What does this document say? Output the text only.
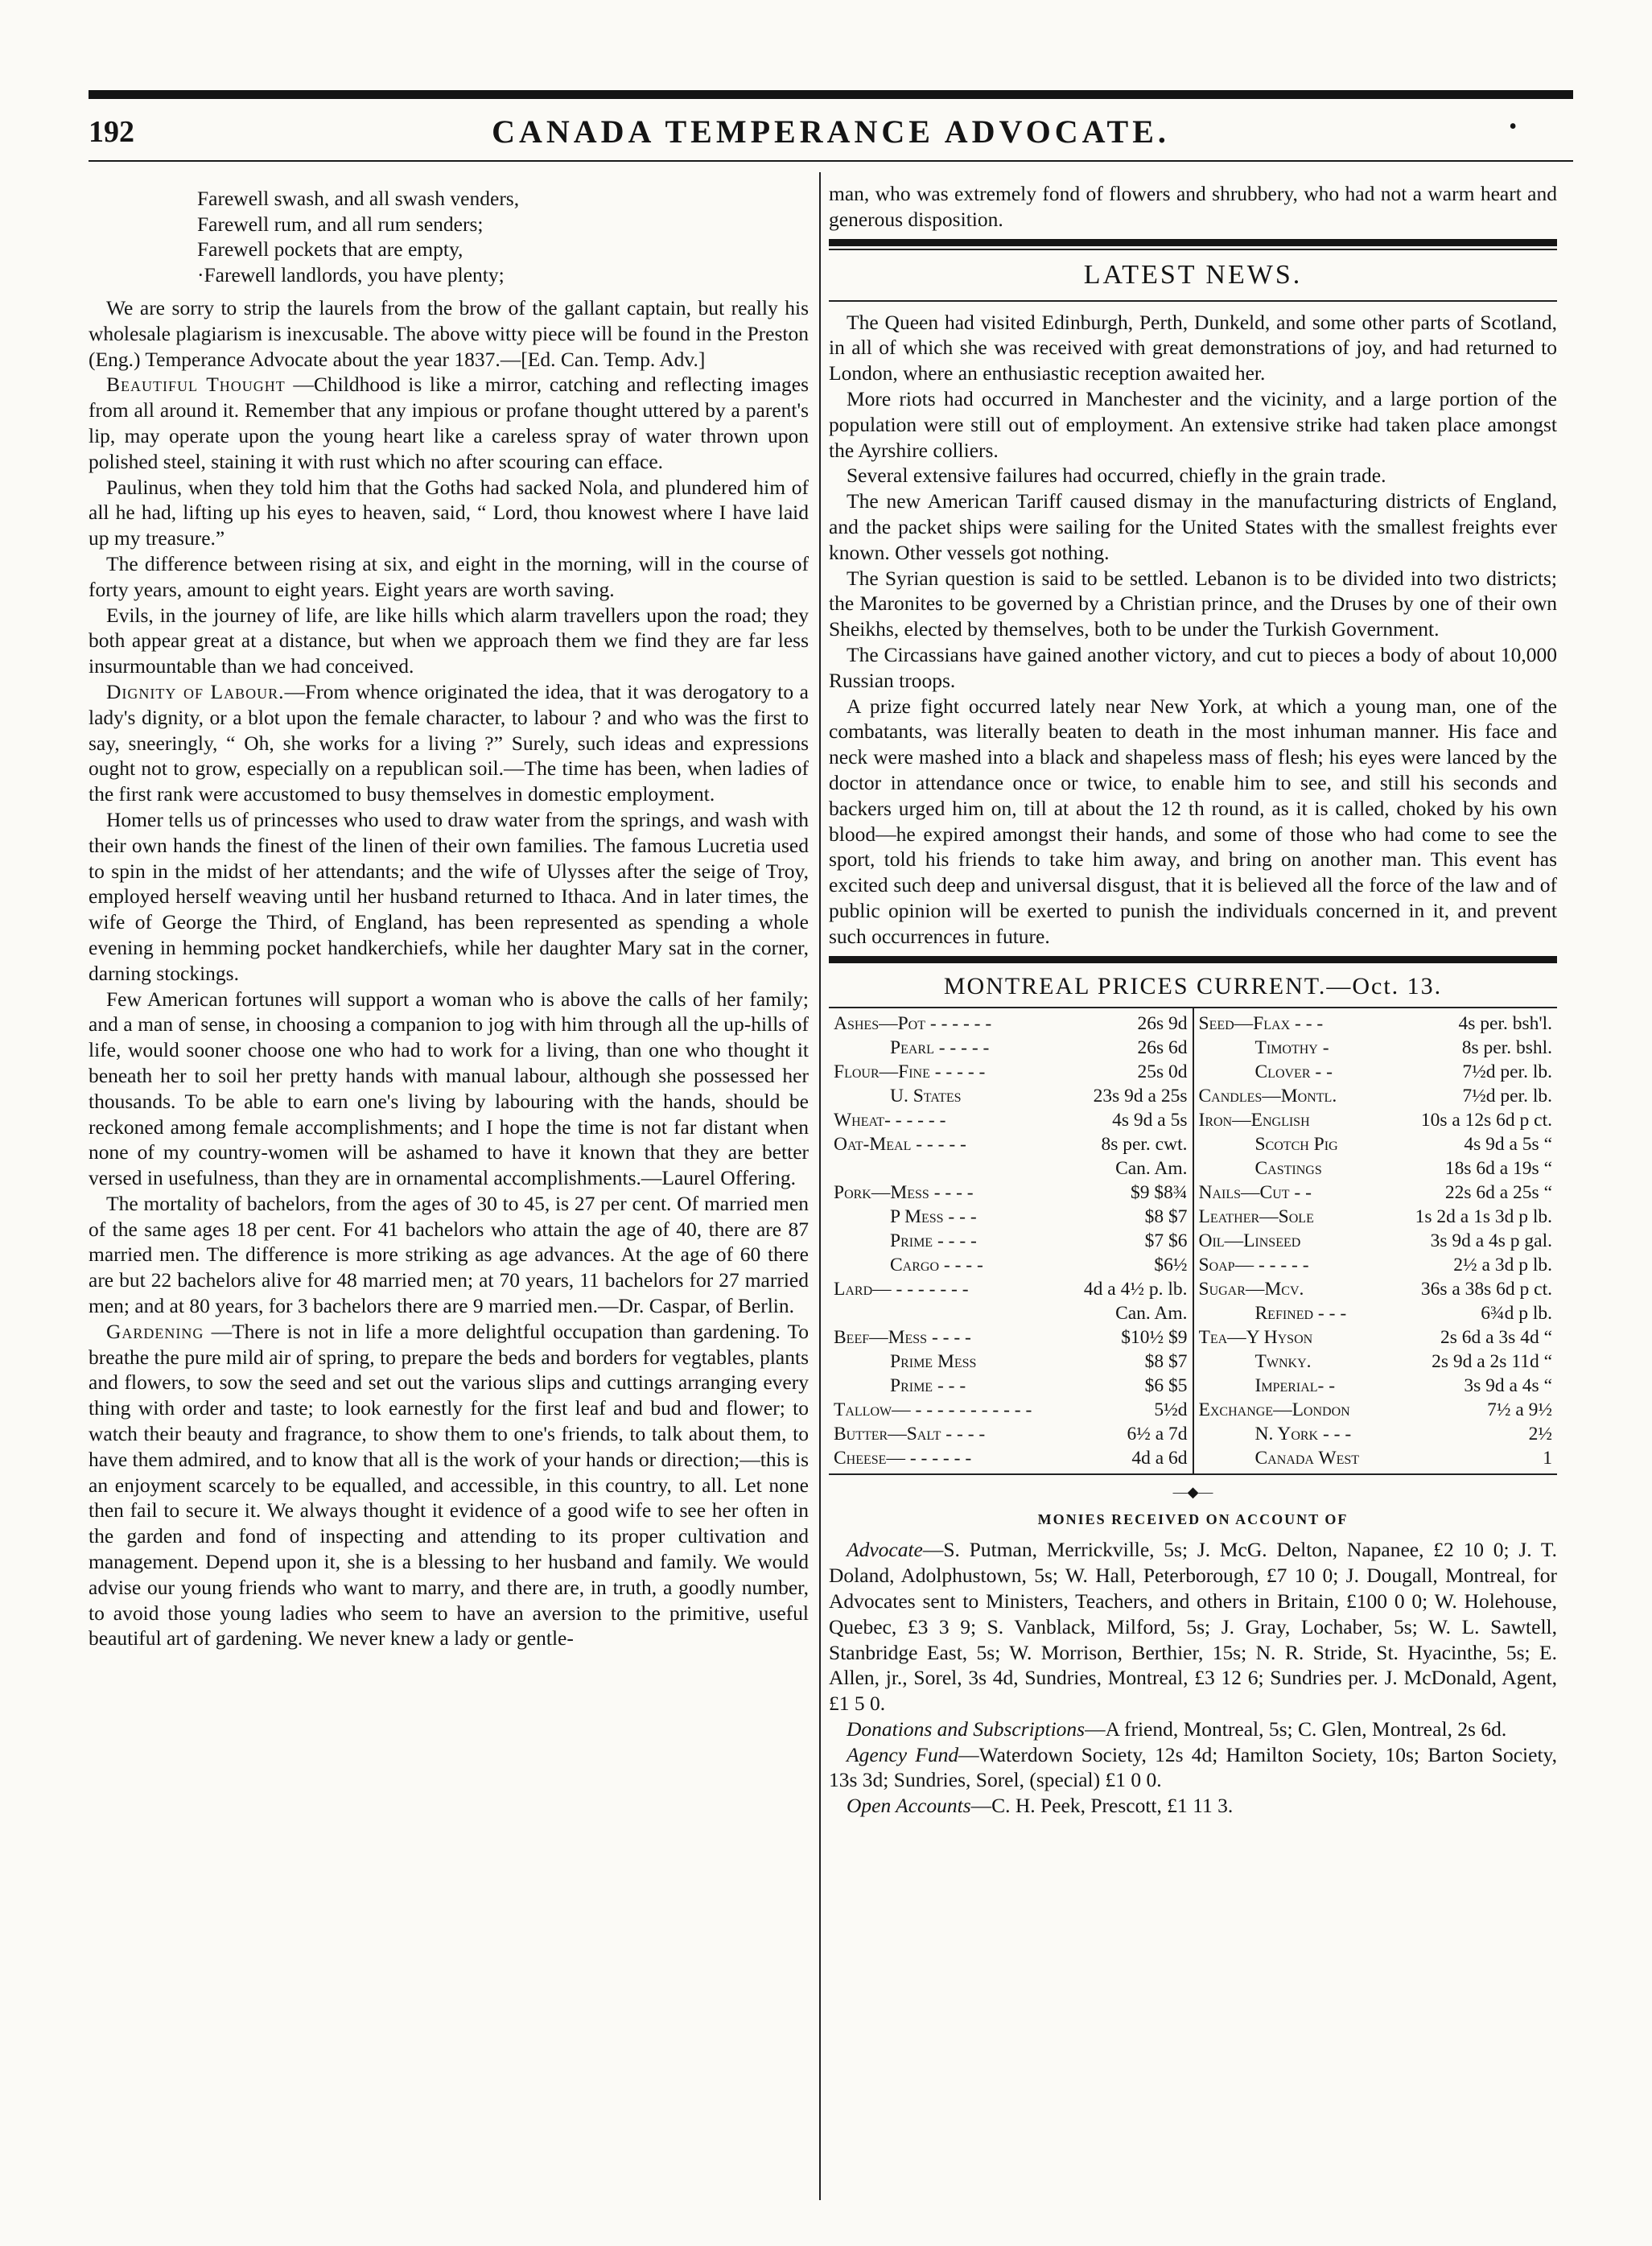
192	CANADA TEMPERANCE ADVOCATE.	•
Farewell swash, and all swash venders,
Farewell rum, and all rum senders;
Farewell pockets that are empty,
·Farewell landlords, you have plenty;

We are sorry to strip the laurels from the brow of the gallant captain, but really his wholesale plagiarism is inexcusable. The above witty piece will be found in the Preston (Eng.) Temperance Advocate about the year 1837.—[Ed. Can. Temp. Adv.]

Beautiful Thought —Childhood is like a mirror, catching and reflecting images from all around it. Remember that any impious or profane thought uttered by a parent's lip, may operate upon the young heart like a careless spray of water thrown upon polished steel, staining it with rust which no after scouring can efface.

Paulinus, when they told him that the Goths had sacked Nola, and plundered him of all he had, lifting up his eyes to heaven, said, “ Lord, thou knowest where I have laid up my treasure.”

The difference between rising at six, and eight in the morning, will in the course of forty years, amount to eight years. Eight years are worth saving.

Evils, in the journey of life, are like hills which alarm travellers upon the road; they both appear great at a distance, but when we approach them we find they are far less insurmountable than we had conceived.

Dignity of Labour.—From whence originated the idea, that it was derogatory to a lady's dignity, or a blot upon the female character, to labour ? and who was the first to say, sneeringly, “ Oh, she works for a living ?” Surely, such ideas and expressions ought not to grow, especially on a republican soil.—The time has been, when ladies of the first rank were accustomed to busy themselves in domestic employment.

Homer tells us of princesses who used to draw water from the springs, and wash with their own hands the finest of the linen of their own families. The famous Lucretia used to spin in the midst of her attendants; and the wife of Ulysses after the seige of Troy, employed herself weaving until her husband returned to Ithaca. And in later times, the wife of George the Third, of England, has been represented as spending a whole evening in hemming pocket handkerchiefs, while her daughter Mary sat in the corner, darning stockings.

Few American fortunes will support a woman who is above the calls of her family; and a man of sense, in choosing a companion to jog with him through all the up-hills of life, would sooner choose one who had to work for a living, than one who thought it beneath her to soil her pretty hands with manual labour, although she possessed her thousands. To be able to earn one's living by labouring with the hands, should be reckoned among female accomplishments; and I hope the time is not far distant when none of my country-women will be ashamed to have it known that they are better versed in usefulness, than they are in ornamental accomplishments.—Laurel Offering.

The mortality of bachelors, from the ages of 30 to 45, is 27 per cent. Of married men of the same ages 18 per cent. For 41 bachelors who attain the age of 40, there are 87 married men. The difference is more striking as age advances. At the age of 60 there are but 22 bachelors alive for 48 married men; at 70 years, 11 bachelors for 27 married men; and at 80 years, for 3 bachelors there are 9 married men.—Dr. Caspar, of Berlin.

Gardening —There is not in life a more delightful occupation than gardening. To breathe the pure mild air of spring, to prepare the beds and borders for vegtables, plants and flowers, to sow the seed and set out the various slips and cuttings arranging every thing with order and taste; to look earnestly for the first leaf and bud and flower; to watch their beauty and fragrance, to show them to one's friends, to talk about them, to have them admired, and to know that all is the work of your hands or direction;—this is an enjoyment scarcely to be equalled, and accessible, in this country, to all. Let none then fail to secure it. We always thought it evidence of a good wife to see her often in the garden and fond of inspecting and attending to its proper cultivation and management. Depend upon it, she is a blessing to her husband and family. We would advise our young friends who want to marry, and there are, in truth, a goodly number, to avoid those young ladies who seem to have an aversion to the primitive, useful beautiful art of gardening. We never knew a lady or gentle-

man, who was extremely fond of flowers and shrubbery, who had not a warm heart and generous disposition.

LATEST NEWS.

The Queen had visited Edinburgh, Perth, Dunkeld, and some other parts of Scotland, in all of which she was received with great demonstrations of joy, and had returned to London, where an enthusiastic reception awaited her.

More riots had occurred in Manchester and the vicinity, and a large portion of the population were still out of employment. An extensive strike had taken place amongst the Ayrshire colliers.

Several extensive failures had occurred, chiefly in the grain trade.

The new American Tariff caused dismay in the manufacturing districts of England, and the packet ships were sailing for the United States with the smallest freights ever known. Other vessels got nothing.

The Syrian question is said to be settled. Lebanon is to be divided into two districts; the Maronites to be governed by a Christian prince, and the Druses by one of their own Sheikhs, elected by themselves, both to be under the Turkish Government.

The Circassians have gained another victory, and cut to pieces a body of about 10,000 Russian troops.

A prize fight occurred lately near New York, at which a young man, one of the combatants, was literally beaten to death in the most inhuman manner. His face and neck were mashed into a black and shapeless mass of flesh; his eyes were lanced by the doctor in attendance once or twice, to enable him to see, and still his seconds and backers urged him on, till at about the 12 th round, as it is called, choked by his own blood—he expired amongst their hands, and some of those who had come to see the sport, told his friends to take him away, and bring on another man. This event has excited such deep and universal disgust, that it is believed all the force of the law and of public opinion will be exerted to punish the individuals concerned in it, and prevent such occurrences in future.

MONTREAL PRICES CURRENT.—Oct. 13.
Ashes—Pot - - - - - -	26s 9d
Pearl - - - - -	26s 6d
Flour—Fine - - - - -	25s 0d
U. States	23s 9d a 25s
Wheat- - - - - -	4s 9d a 5s
Oat-Meal - - - - -	8s per. cwt.
Can. Am.
Pork—Mess - - - -	$9 $8¾
P Mess - - -	$8 $7
Prime - - - -	$7 $6
Cargo - - - -	$6½
Lard— - - - - - - -	4d a 4½ p. lb.
Can. Am.
Beef—Mess - - - -	$10½ $9
Prime Mess	$8 $7
Prime - - -	$6 $5
Tallow— - - - - - - - - - - -	5½d
Butter—Salt - - - -	6½ a 7d
Cheese— - - - - - -	4d a 6d
Seed—Flax - - -	4s per. bsh'l.
Timothy -	8s per. bshl.
Clover - -	7½d per. lb.
Candles—Montl.	7½d per. lb.
Iron—English	10s a 12s 6d p ct.
Scotch Pig	4s 9d a 5s “
Castings	18s 6d a 19s “
Nails—Cut - -	22s 6d a 25s “
Leather—Sole	1s 2d a 1s 3d p lb.
Oil—Linseed	3s 9d a 4s p gal.
Soap— - - - - -	2½ a 3d p lb.
Sugar—Mcv.	36s a 38s 6d p ct.
Refined - - -	6¾d p lb.
Tea—Y Hyson	2s 6d a 3s 4d “
Twnky.	2s 9d a 2s 11d “
Imperial- -	3s 9d a 4s “
Exchange—London	7½ a 9½
N. York - - -	2½
Canada West	1
—◆—
MONIES RECEIVED ON ACCOUNT OF

Advocate—S. Putman, Merrickville, 5s; J. McG. Delton, Napanee, £2 10 0; J. T. Doland, Adolphustown, 5s; W. Hall, Peterborough, £7 10 0; J. Dougall, Montreal, for Advocates sent to Ministers, Teachers, and others in Britain, £100 0 0; W. Holehouse, Quebec, £3 3 9; S. Vanblack, Milford, 5s; J. Gray, Lochaber, 5s; W. L. Sawtell, Stanbridge East, 5s; W. Morrison, Berthier, 15s; N. R. Stride, St. Hyacinthe, 5s; E. Allen, jr., Sorel, 3s 4d, Sundries, Montreal, £3 12 6; Sundries per. J. McDonald, Agent, £1 5 0.

Donations and Subscriptions—A friend, Montreal, 5s; C. Glen, Montreal, 2s 6d.

Agency Fund—Waterdown Society, 12s 4d; Hamilton Society, 10s; Barton Society, 13s 3d; Sundries, Sorel, (special) £1 0 0.

Open Accounts—C. H. Peek, Prescott, £1 11 3.
